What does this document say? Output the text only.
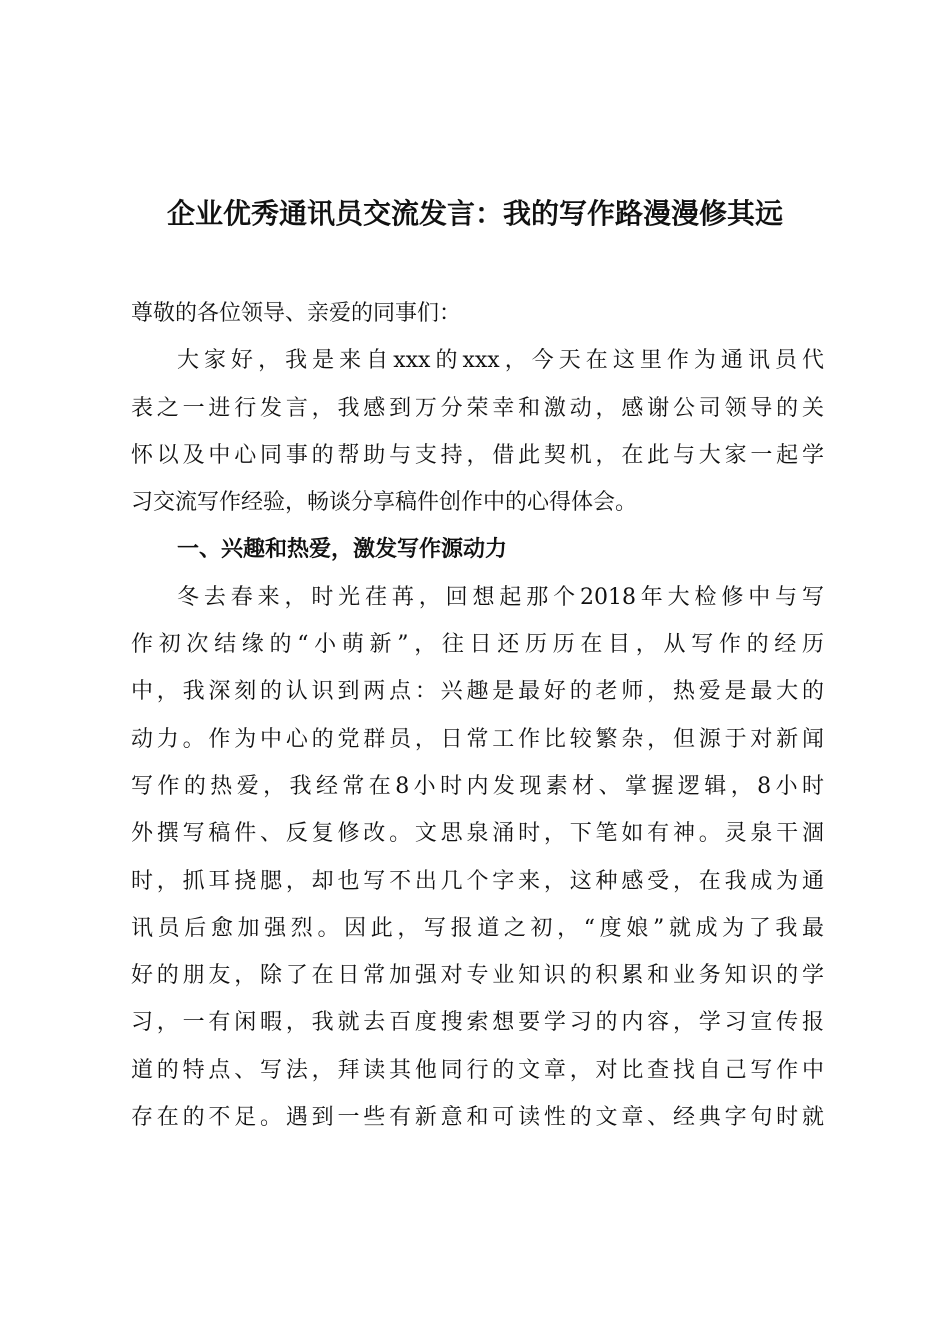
企业优秀通讯员交流发言：我的写作路漫漫修其远
尊敬的各位领导、亲爱的同事们：
大家好，我是来自xxx的xxx，今天在这里作为通讯员代
表之一进行发言，我感到万分荣幸和激动，感谢公司领导的关
怀以及中心同事的帮助与支持，借此契机，在此与大家一起学
习交流写作经验，畅谈分享稿件创作中的心得体会。
一、兴趣和热爱，激发写作源动力
冬去春来，时光荏苒，回想起那个2018年大检修中与写
作初次结缘的“小萌新”，往日还历历在目，从写作的经历
中，我深刻的认识到两点：兴趣是最好的老师，热爱是最大的
动力。作为中心的党群员，日常工作比较繁杂，但源于对新闻
写作的热爱，我经常在8小时内发现素材、掌握逻辑，8小时
外撰写稿件、反复修改。文思泉涌时，下笔如有神。灵泉干涸
时，抓耳挠腮，却也写不出几个字来，这种感受，在我成为通
讯员后愈加强烈。因此，写报道之初，“度娘”就成为了我最
好的朋友，除了在日常加强对专业知识的积累和业务知识的学
习，一有闲暇，我就去百度搜索想要学习的内容，学习宣传报
道的特点、写法，拜读其他同行的文章，对比查找自己写作中
存在的不足。遇到一些有新意和可读性的文章、经典字句时就
